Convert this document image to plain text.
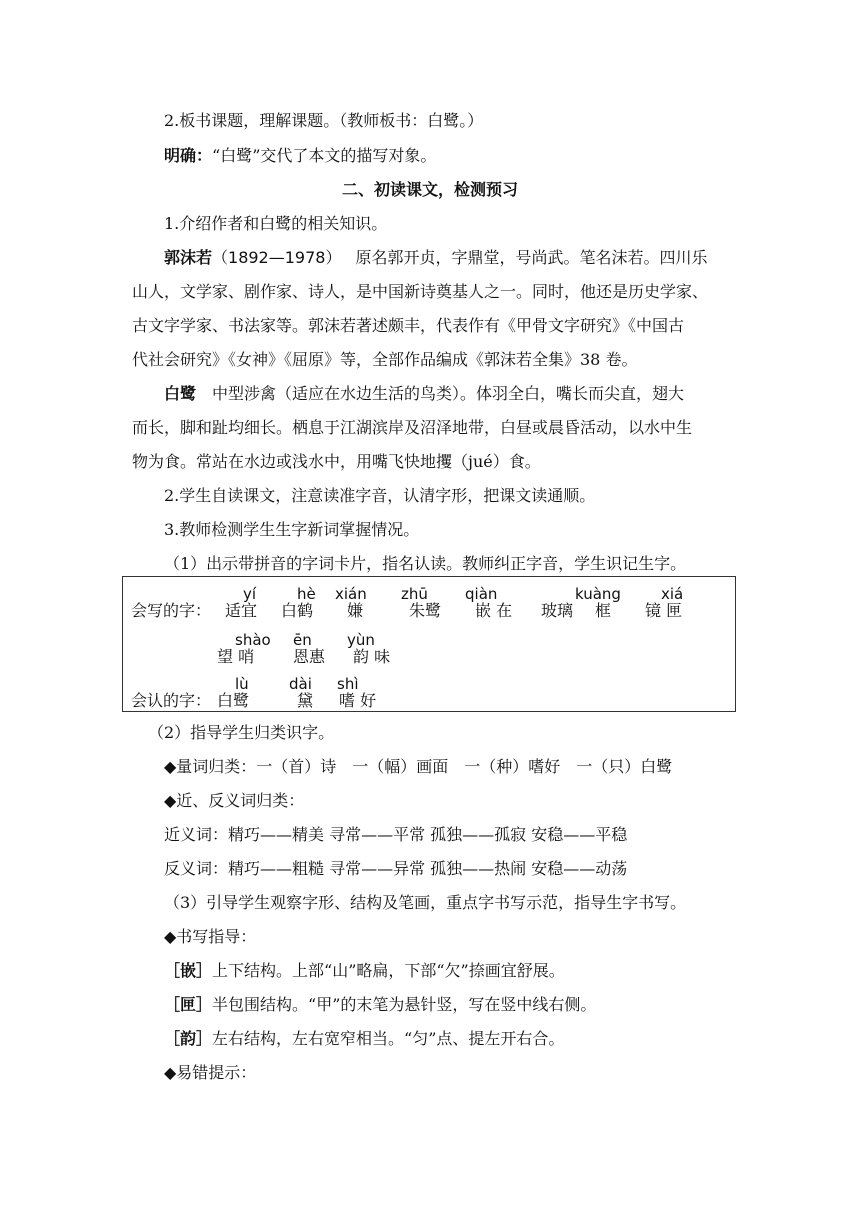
2.板书课题，理解课题。（教师板书：白鹭。）
明确：“白鹭”交代了本文的描写对象。
二、初读课文，检测预习
1.介绍作者和白鹭的相关知识。
郭沫若（1892—1978） 原名郭开贞，字鼎堂，号尚武。笔名沫若。四川乐
山人，文学家、剧作家、诗人，是中国新诗奠基人之一。同时，他还是历史学家、
古文字学家、书法家等。郭沫若著述颇丰，代表作有《甲骨文字研究》《中国古
代社会研究》《女神》《屈原》等，全部作品编成《郭沫若全集》38 卷。
白鹭 中型涉禽（适应在水边生活的鸟类）。体羽全白，嘴长而尖直，翅大
而长，脚和趾均细长。栖息于江湖滨岸及沼泽地带，白昼或晨昏活动，以水中生
物为食。常站在水边或浅水中，用嘴飞快地攫（jué）食。
2.学生自读课文，注意读准字音，认清字形，把课文读通顺。
3.教师检测学生生字新词掌握情况。
（1）出示带拼音的字词卡片，指名认读。教师纠正字音，学生识记生字。
yí	hè xián zhū qiàn	kuàng	xiá
会写的字： 适宜 白鹤 嫌	朱鹭 嵌 在 玻璃 框 镜 匣
shào ēn yùn
望 哨 恩惠 韵 味
lù	dài shì
会认的字： 白鹭	黛 嗜 好
（2）指导学生归类识字。
◆量词归类：一（首）诗　一（幅）画面　一（种）嗜好　一（只）白鹭
◆近、反义词归类：
近义词：精巧——精美 寻常——平常 孤独——孤寂 安稳——平稳
反义词：精巧——粗糙 寻常——异常 孤独——热闹 安稳——动荡
（3）引导学生观察字形、结构及笔画，重点字书写示范，指导生字书写。
◆书写指导：
［嵌］上下结构。上部“山”略扁，下部“欠”捺画宜舒展。
［匣］半包围结构。“甲”的末笔为悬针竖，写在竖中线右侧。
［韵］左右结构，左右宽窄相当。“匀”点、提左开右合。
◆易错提示：
